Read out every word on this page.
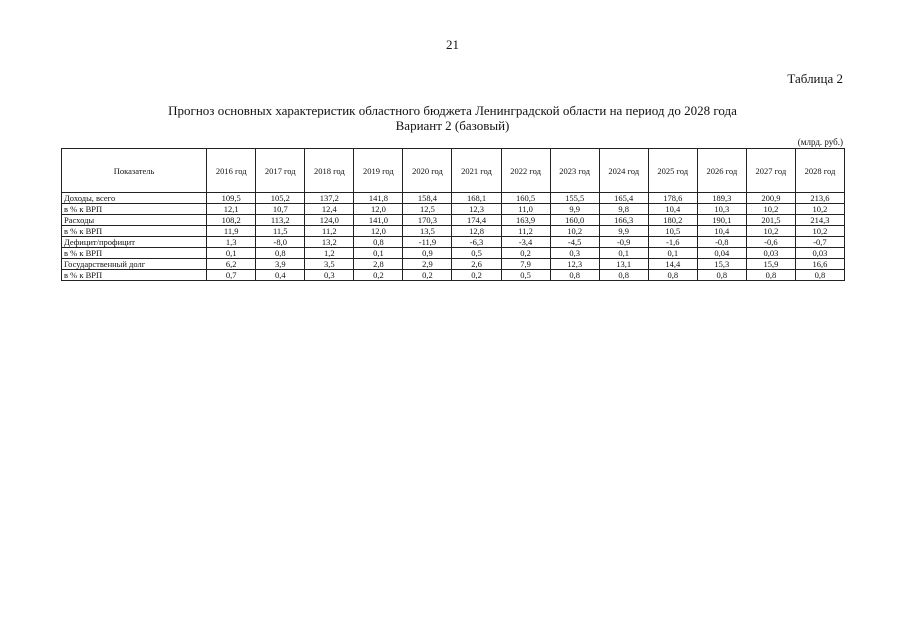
21
Таблица 2
Прогноз основных характеристик областного бюджета Ленинградской области на период до 2028 года
Вариант 2 (базовый)
(млрд. руб.)
Показатель	2016 год	2017 год	2018 год	2019 год	2020 год	2021 год	2022 год	2023 год	2024 год	2025 год	2026 год	2027 год	2028 год
Доходы, всего	109,5	105,2	137,2	141,8	158,4	168,1	160,5	155,5	165,4	178,6	189,3	200,9	213,6
в % к ВРП	12,1	10,7	12,4	12,0	12,5	12,3	11,0	9,9	9,8	10,4	10,3	10,2	10,2
Расходы	108,2	113,2	124,0	141,0	170,3	174,4	163,9	160,0	166,3	180,2	190,1	201,5	214,3
в % к ВРП	11,9	11,5	11,2	12,0	13,5	12,8	11,2	10,2	9,9	10,5	10,4	10,2	10,2
Дефицит/профицит	1,3	-8,0	13,2	0,8	-11,9	-6,3	-3,4	-4,5	-0,9	-1,6	-0,8	-0,6	-0,7
в % к ВРП	0,1	0,8	1,2	0,1	0,9	0,5	0,2	0,3	0,1	0,1	0,04	0,03	0,03
Государственный долг	6,2	3,9	3,5	2,8	2,9	2,6	7,9	12,3	13,1	14,4	15,3	15,9	16,6
в % к ВРП	0,7	0,4	0,3	0,2	0,2	0,2	0,5	0,8	0,8	0,8	0,8	0,8	0,8
